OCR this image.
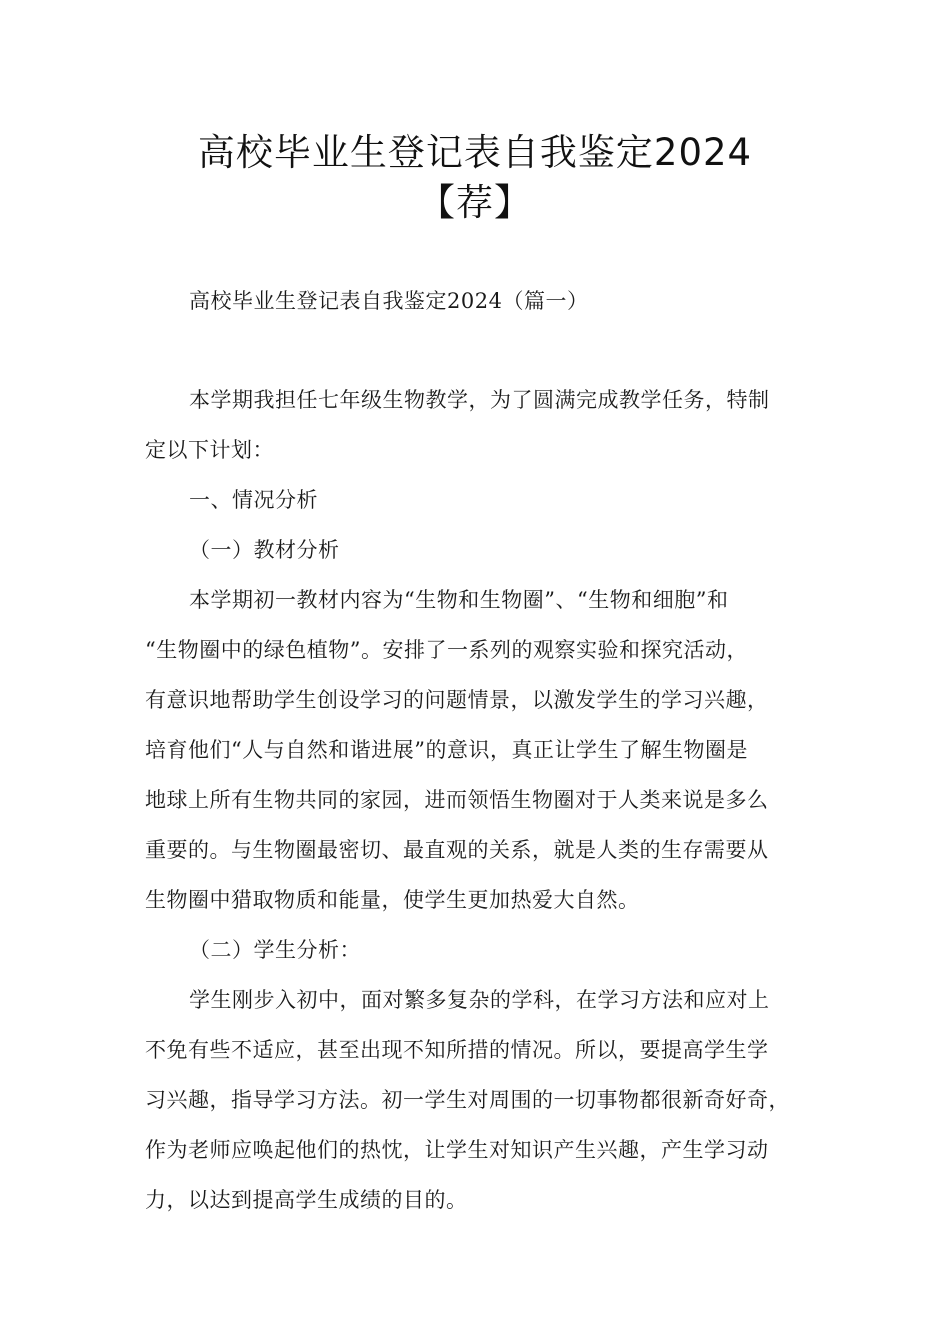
高校毕业生登记表自我鉴定2024
【荐】
高校毕业生登记表自我鉴定2024（篇一）
本学期我担任七年级生物教学，为了圆满完成教学任务，特制
定以下计划：
一、情况分析
（一）教材分析
本学期初一教材内容为“生物和生物圈”、“生物和细胞”和
“生物圈中的绿色植物”。安排了一系列的观察实验和探究活动，
有意识地帮助学生创设学习的问题情景，以激发学生的学习兴趣，
培育他们“人与自然和谐进展”的意识，真正让学生了解生物圈是
地球上所有生物共同的家园，进而领悟生物圈对于人类来说是多么
重要的。与生物圈最密切、最直观的关系，就是人类的生存需要从
生物圈中猎取物质和能量，使学生更加热爱大自然。
（二）学生分析：
学生刚步入初中，面对繁多复杂的学科，在学习方法和应对上
不免有些不适应，甚至出现不知所措的情况。所以，要提高学生学
习兴趣，指导学习方法。初一学生对周围的一切事物都很新奇好奇，
作为老师应唤起他们的热忱，让学生对知识产生兴趣，产生学习动
力，以达到提高学生成绩的目的。
